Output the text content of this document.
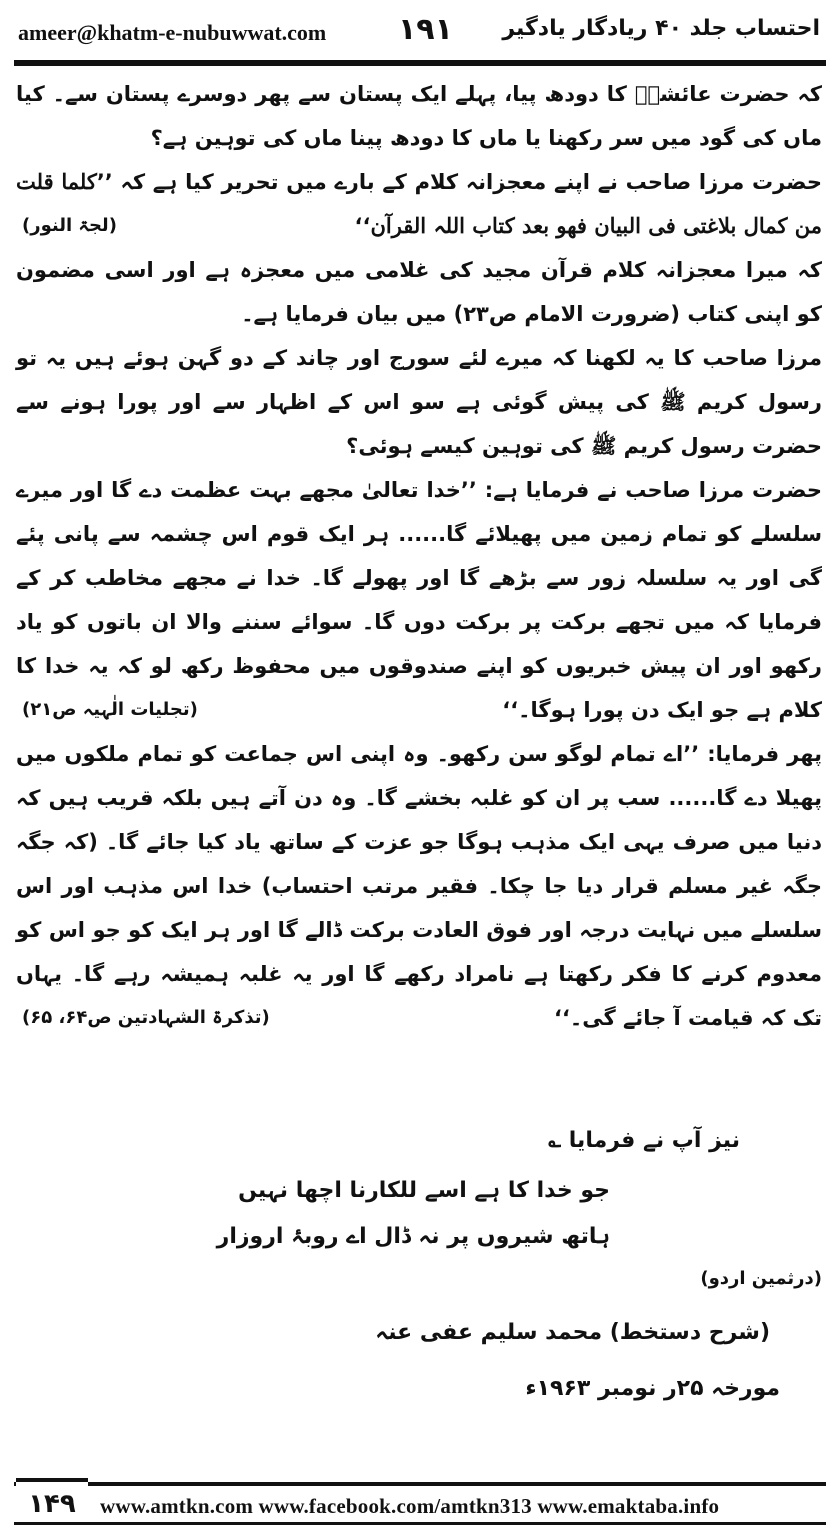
ameer@khatm-e-nubuwwat.com ۱۹۱ احتساب جلد ۴۰ ریادگار یادگیر

کہ حضرت عائشہؓ کا دودھ پیا، پہلے ایک پستان سے پھر دوسرے پستان سے۔ کیا ماں کی گود میں سر رکھنا یا ماں کا دودھ پینا ماں کی توہین ہے؟

حضرت مرزا صاحب نے اپنے معجزانہ کلام کے بارے میں تحریر کیا ہے کہ ’’کلما قلت من کمال بلاغتی فی البیان فھو بعد کتاب اللہ القرآن‘‘
(لجۃ النور)

کہ میرا معجزانہ کلام قرآن مجید کی غلامی میں معجزہ ہے اور اسی مضمون کو اپنی کتاب (ضرورت الامام ص۲۳) میں بیان فرمایا ہے۔

مرزا صاحب کا یہ لکھنا کہ میرے لئے سورج اور چاند کے دو گہن ہوئے ہیں یہ تو رسول کریم ﷺ کی پیش گوئی ہے سو اس کے اظہار سے اور پورا ہونے سے حضرت رسول کریم ﷺ کی توہین کیسے ہوئی؟

حضرت مرزا صاحب نے فرمایا ہے: ’’خدا تعالیٰ مجھے بہت عظمت دے گا اور میرے سلسلے کو تمام زمین میں پھیلائے گا...... ہر ایک قوم اس چشمہ سے پانی پئے گی اور یہ سلسلہ زور سے بڑھے گا اور پھولے گا۔ خدا نے مجھے مخاطب کر کے فرمایا کہ میں تجھے برکت پر برکت دوں گا۔ سوائے سننے والا ان باتوں کو یاد رکھو اور ان پیش خبریوں کو اپنے صندوقوں میں محفوظ رکھ لو کہ یہ خدا کا کلام ہے جو ایک دن پورا ہوگا۔‘‘
(تجلیات الٰہیہ ص۲۱)

پھر فرمایا: ’’اے تمام لوگو سن رکھو۔ وہ اپنی اس جماعت کو تمام ملکوں میں پھیلا دے گا...... سب پر ان کو غلبہ بخشے گا۔ وہ دن آتے ہیں بلکہ قریب ہیں کہ دنیا میں صرف یہی ایک مذہب ہوگا جو عزت کے ساتھ یاد کیا جائے گا۔ (کہ جگہ جگہ غیر مسلم قرار دیا جا چکا۔ فقیر مرتب احتساب) خدا اس مذہب اور اس سلسلے میں نہایت درجہ اور فوق العادت برکت ڈالے گا اور ہر ایک کو جو اس کو معدوم کرنے کا فکر رکھتا ہے نامراد رکھے گا اور یہ غلبہ ہمیشہ رہے گا۔ یہاں تک کہ قیامت آ جائے گی۔‘‘
(تذکرۃ الشہادتین ص۶۴، ۶۵)

نیز آپ نے فرمایا ؎
جو خدا کا ہے اسے للکارنا اچھا نہیں
ہاتھ شیروں پر نہ ڈال اے روبۂ اروزار
(درثمین اردو)
(شرح دستخط) محمد سلیم عفی عنہ
مورخہ ۲۵ر نومبر ۱۹۶۳ء
۱۴۹	www.amtkn.com www.facebook.com/amtkn313 www.emaktaba.info
